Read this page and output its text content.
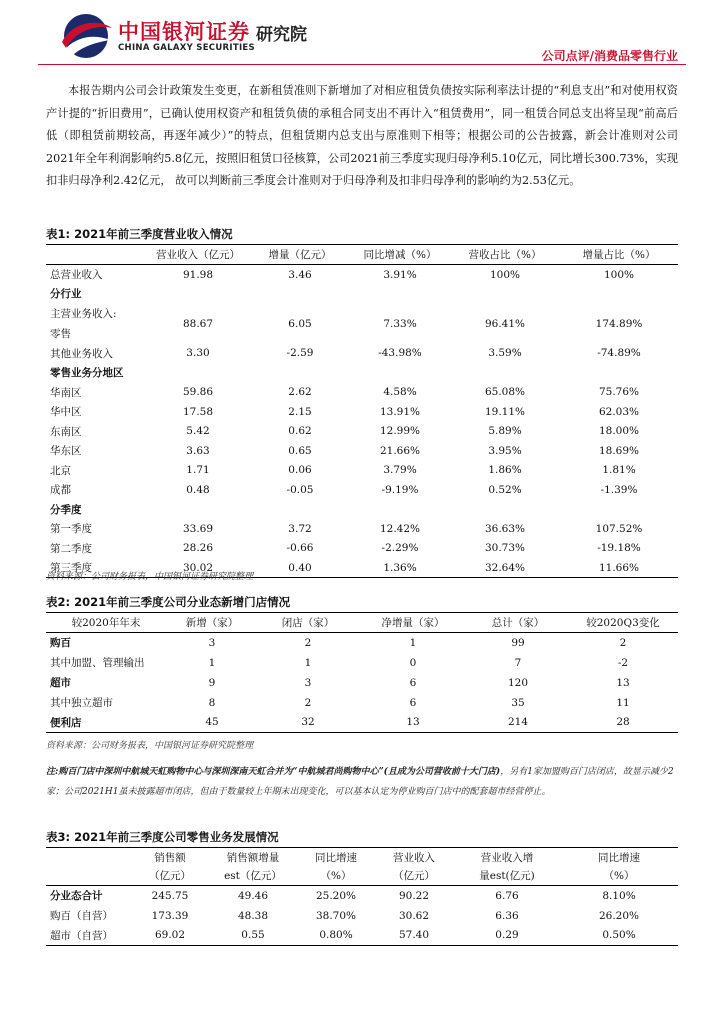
中国银河证券
CHINA GALAXY SECURITIES
研究院
公司点评/消费品零售行业
本报告期内公司会计政策发生变更，在新租赁准则下新增加了对相应租赁负债按实际利率法计提的“利息支出”和对使用权资产计提的“折旧费用”，已确认使用权资产和租赁负债的承租合同支出不再计入“租赁费用”，同一租赁合同总支出将呈现“前高后低（即租赁前期较高，再逐年减少）”的特点，但租赁期内总支出与原准则下相等；根据公司的公告披露，新会计准则对公司2021年全年利润影响约5.8亿元，按照旧租赁口径核算，公司2021前三季度实现归母净利5.10亿元，同比增长300.73%，实现扣非归母净利2.42亿元， 故可以判断前三季度会计准则对于归母净利及扣非归母净利的影响约为2.53亿元。
表1: 2021年前三季度营业收入情况
	营业收入（亿元）	增量（亿元）	同比增减（%）	营收占比（%）	增量占比（%）
总营业收入	91.98	3.46	3.91%	100%	100%
分行业					

主营业务收入:
零售	88.67	6.05	7.33%	96.41%	174.89%
其他业务收入	3.30	-2.59	-43.98%	3.59%	-74.89%
零售业务分地区					
华南区	59.86	2.62	4.58%	65.08%	75.76%
华中区	17.58	2.15	13.91%	19.11%	62.03%
东南区	5.42	0.62	12.99%	5.89%	18.00%
华东区	3.63	0.65	21.66%	3.95%	18.69%
北京	1.71	0.06	3.79%	1.86%	1.81%
成都	0.48	-0.05	-9.19%	0.52%	-1.39%
分季度					
第一季度	33.69	3.72	12.42%	36.63%	107.52%
第二季度	28.26	-0.66	-2.29%	30.73%	-19.18%
第三季度	30.02	0.40	1.36%	32.64%	11.66%
资料来源：公司财务报表，中国银河证券研究院整理
表2: 2021年前三季度公司分业态新增门店情况
较2020年年末	新增（家）	闭店（家）	净增量（家）	总计（家）	较2020Q3变化
购百	3	2	1	99	2
其中加盟、管理输出	1	1	0	7	-2
超市	9	3	6	120	13
其中独立超市	8	2	6	35	11
便利店	45	32	13	214	28
资料来源：公司财务报表，中国银河证券研究院整理
注:购百门店中深圳中航城天虹购物中心与深圳深南天虹合并为“中航城君尚购物中心”(且成为公司营收前十大门店)，另有1家加盟购百门店闭店，故显示减少2家；公司2021H1虽未披露超市闭店，但由于数量较上年期末出现变化，可以基本认定为停业购百门店中的配套超市经营停止。
表3: 2021年前三季度公司零售业务发展情况
	销售额	销售额增量	同比增速	营业收入	营业收入增	同比增速
	（亿元）	est（亿元）	（%）	（亿元）	量est(亿元)	（%）
分业态合计	245.75	49.46	25.20%	90.22	6.76	8.10%
购百（自营）	173.39	48.38	38.70%	30.62	6.36	26.20%
超市（自营）	69.02	0.55	0.80%	57.40	0.29	0.50%
